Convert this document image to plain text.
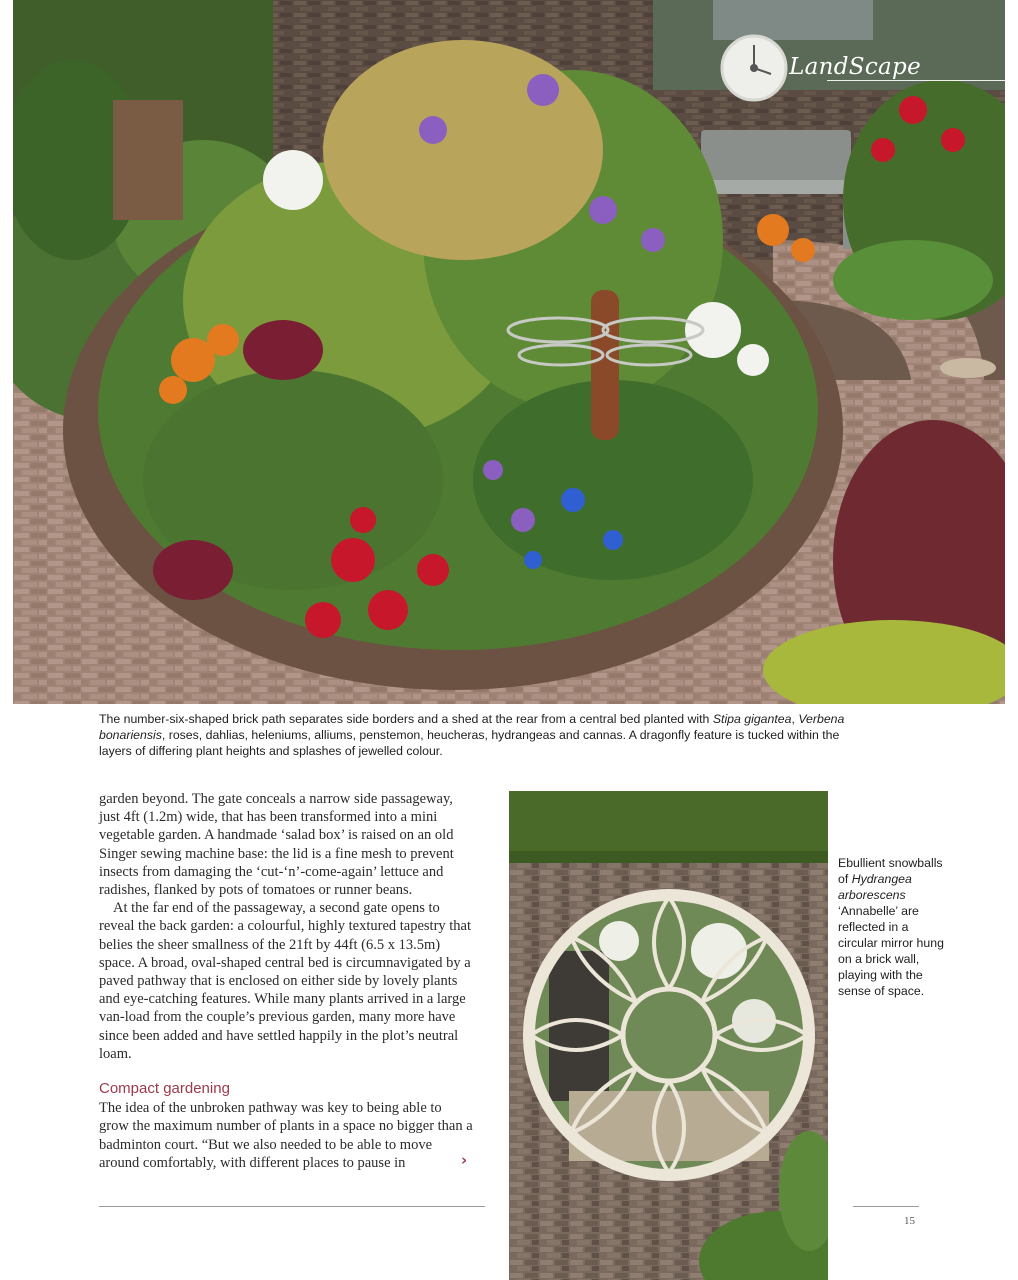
LandScape
The number-six-shaped brick path separates side borders and a shed at the rear from a central bed planted with Stipa gigantea, Verbena bonariensis, roses, dahlias, heleniums, alliums, penstemon, heucheras, hydrangeas and cannas. A dragonfly feature is tucked within the layers of differing plant heights and splashes of jewelled colour.

garden beyond. The gate conceals a narrow side passageway, just 4ft (1.2m) wide, that has been transformed into a mini vegetable garden. A handmade ‘salad box’ is raised on an old Singer sewing machine base: the lid is a fine mesh to prevent insects from damaging the ‘cut-‘n’-come-again’ lettuce and radishes, flanked by pots of tomatoes or runner beans.

At the far end of the passageway, a second gate opens to reveal the back garden: a colourful, highly textured tapestry that belies the sheer smallness of the 21ft by 44ft (6.5 x 13.5m) space. A broad, oval-shaped central bed is circumnavigated by a paved pathway that is enclosed on either side by lovely plants and eye-catching features. While many plants arrived in a large van-load from the couple’s previous garden, many more have since been added and have settled happily in the plot’s neutral loam.

Compact gardening

The idea of the unbroken pathway was key to being able to grow the maximum number of plants in a space no bigger than a badminton court. “But we also needed to be able to move around comfortably, with different places to pause in	›
15
Ebullient snowballs of Hydrangea arborescens ‘Annabelle’ are reflected in a circular mirror hung on a brick wall, playing with the sense of space.
